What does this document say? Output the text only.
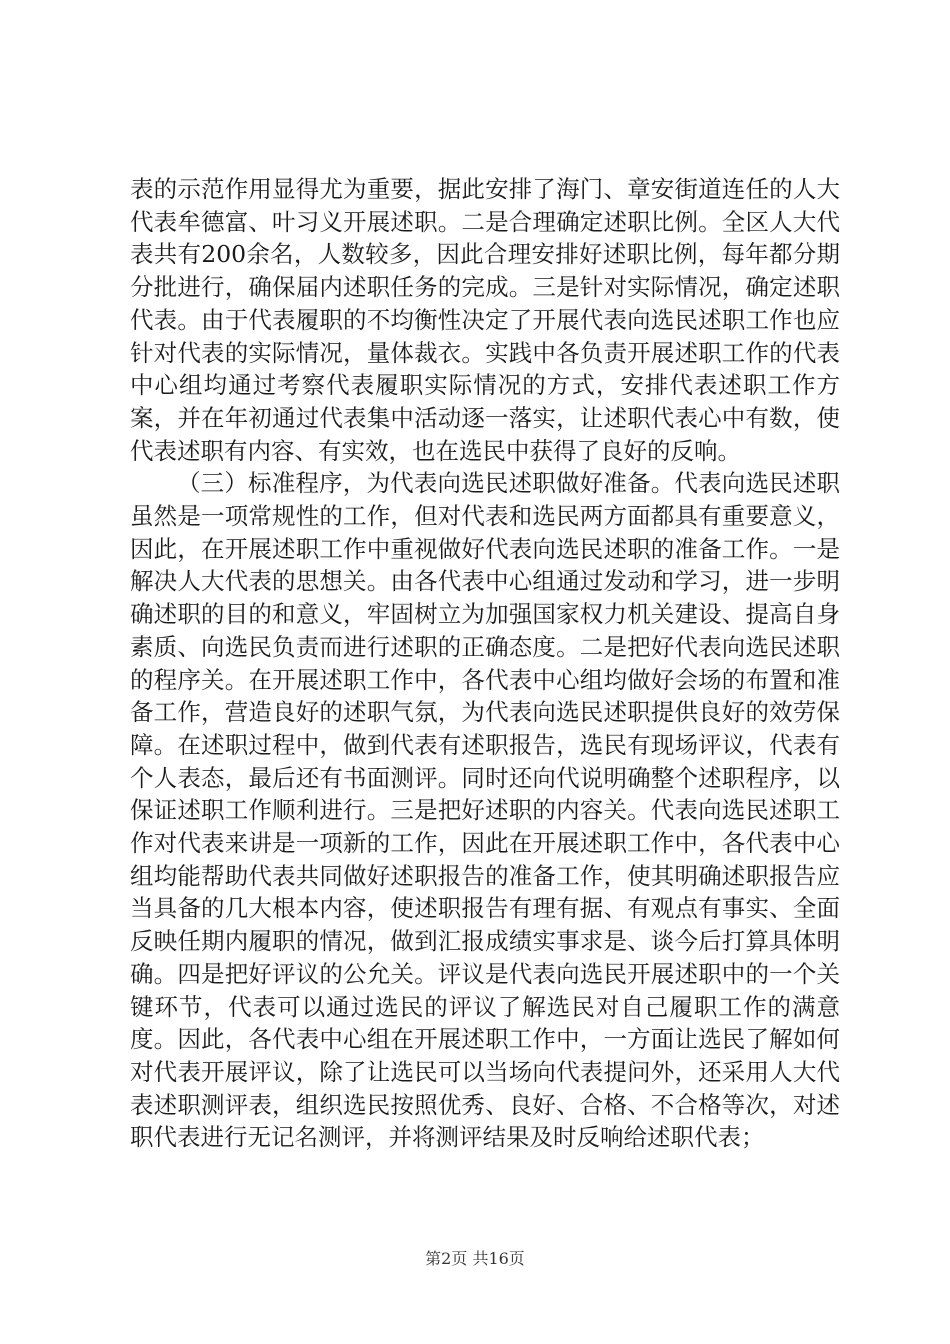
表的示范作用显得尤为重要，据此安排了海门、章安街道连任的人大代表牟德富、叶习义开展述职。二是合理确定述职比例。全区人大代表共有200余名，人数较多，因此合理安排好述职比例，每年都分期分批进行，确保届内述职任务的完成。三是针对实际情况，确定述职代表。由于代表履职的不均衡性决定了开展代表向选民述职工作也应针对代表的实际情况，量体裁衣。实践中各负责开展述职工作的代表中心组均通过考察代表履职实际情况的方式，安排代表述职工作方案，并在年初通过代表集中活动逐一落实，让述职代表心中有数，使代表述职有内容、有实效，也在选民中获得了良好的反响。

（三）标准程序，为代表向选民述职做好准备。代表向选民述职虽然是一项常规性的工作，但对代表和选民两方面都具有重要意义，因此，在开展述职工作中重视做好代表向选民述职的准备工作。一是解决人大代表的思想关。由各代表中心组通过发动和学习，进一步明确述职的目的和意义，牢固树立为加强国家权力机关建设、提高自身素质、向选民负责而进行述职的正确态度。二是把好代表向选民述职的程序关。在开展述职工作中，各代表中心组均做好会场的布置和准备工作，营造良好的述职气氛，为代表向选民述职提供良好的效劳保障。在述职过程中，做到代表有述职报告，选民有现场评议，代表有个人表态，最后还有书面测评。同时还向代说明确整个述职程序，以保证述职工作顺利进行。三是把好述职的内容关。代表向选民述职工作对代表来讲是一项新的工作，因此在开展述职工作中，各代表中心组均能帮助代表共同做好述职报告的准备工作，使其明确述职报告应当具备的几大根本内容，使述职报告有理有据、有观点有事实、全面反映任期内履职的情况，做到汇报成绩实事求是、谈今后打算具体明确。四是把好评议的公允关。评议是代表向选民开展述职中的一个关键环节，代表可以通过选民的评议了解选民对自己履职工作的满意度。因此，各代表中心组在开展述职工作中，一方面让选民了解如何对代表开展评议，除了让选民可以当场向代表提问外，还采用人大代表述职测评表，组织选民按照优秀、良好、合格、不合格等次，对述职代表进行无记名测评，并将测评结果及时反响给述职代表；

第2页 共16页
